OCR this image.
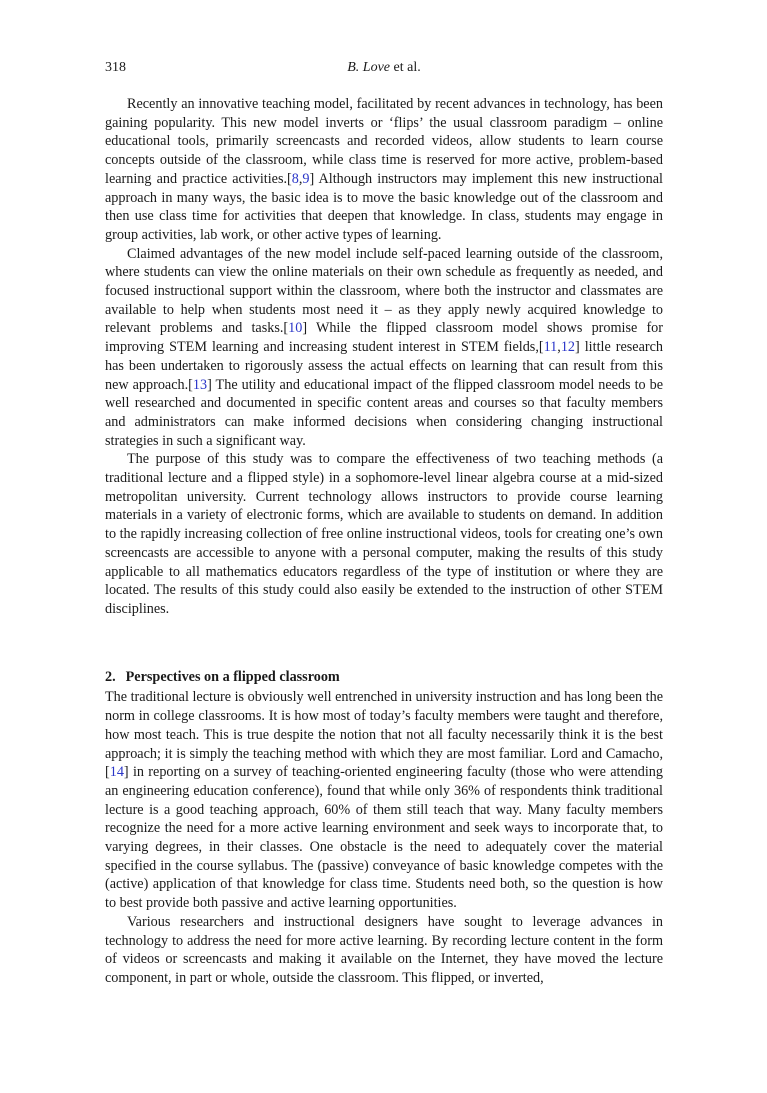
318	B. Love et al.

Recently an innovative teaching model, facilitated by recent advances in technology, has been gaining popularity. This new model inverts or ‘flips’ the usual classroom paradigm – online educational tools, primarily screencasts and recorded videos, allow students to learn course concepts outside of the classroom, while class time is reserved for more active, problem-based learning and practice activities.[8,9] Although instructors may implement this new instructional approach in many ways, the basic idea is to move the basic knowledge out of the classroom and then use class time for activities that deepen that knowledge. In class, students may engage in group activities, lab work, or other active types of learning.

Claimed advantages of the new model include self-paced learning outside of the classroom, where students can view the online materials on their own schedule as frequently as needed, and focused instructional support within the classroom, where both the instructor and classmates are available to help when students most need it – as they apply newly acquired knowledge to relevant problems and tasks.[10] While the flipped classroom model shows promise for improving STEM learning and increasing student interest in STEM fields,[11,12] little research has been undertaken to rigorously assess the actual effects on learning that can result from this new approach.[13] The utility and educational impact of the flipped classroom model needs to be well researched and documented in specific content areas and courses so that faculty members and administrators can make informed decisions when considering changing instructional strategies in such a significant way.

The purpose of this study was to compare the effectiveness of two teaching methods (a traditional lecture and a flipped style) in a sophomore-level linear algebra course at a mid-sized metropolitan university. Current technology allows instructors to provide course learning materials in a variety of electronic forms, which are available to students on demand. In addition to the rapidly increasing collection of free online instructional videos, tools for creating one’s own screencasts are accessible to anyone with a personal computer, making the results of this study applicable to all mathematics educators regardless of the type of institution or where they are located. The results of this study could also easily be extended to the instruction of other STEM disciplines.

2. Perspectives on a flipped classroom

The traditional lecture is obviously well entrenched in university instruction and has long been the norm in college classrooms. It is how most of today’s faculty members were taught and therefore, how most teach. This is true despite the notion that not all faculty necessarily think it is the best approach; it is simply the teaching method with which they are most familiar. Lord and Camacho,[14] in reporting on a survey of teaching-oriented engineering faculty (those who were attending an engineering education conference), found that while only 36% of respondents think traditional lecture is a good teaching approach, 60% of them still teach that way. Many faculty members recognize the need for a more active learning environment and seek ways to incorporate that, to varying degrees, in their classes. One obstacle is the need to adequately cover the material specified in the course syllabus. The (passive) conveyance of basic knowledge competes with the (active) application of that knowledge for class time. Students need both, so the question is how to best provide both passive and active learning opportunities.

Various researchers and instructional designers have sought to leverage advances in technology to address the need for more active learning. By recording lecture content in the form of videos or screencasts and making it available on the Internet, they have moved the lecture component, in part or whole, outside the classroom. This flipped, or inverted,
